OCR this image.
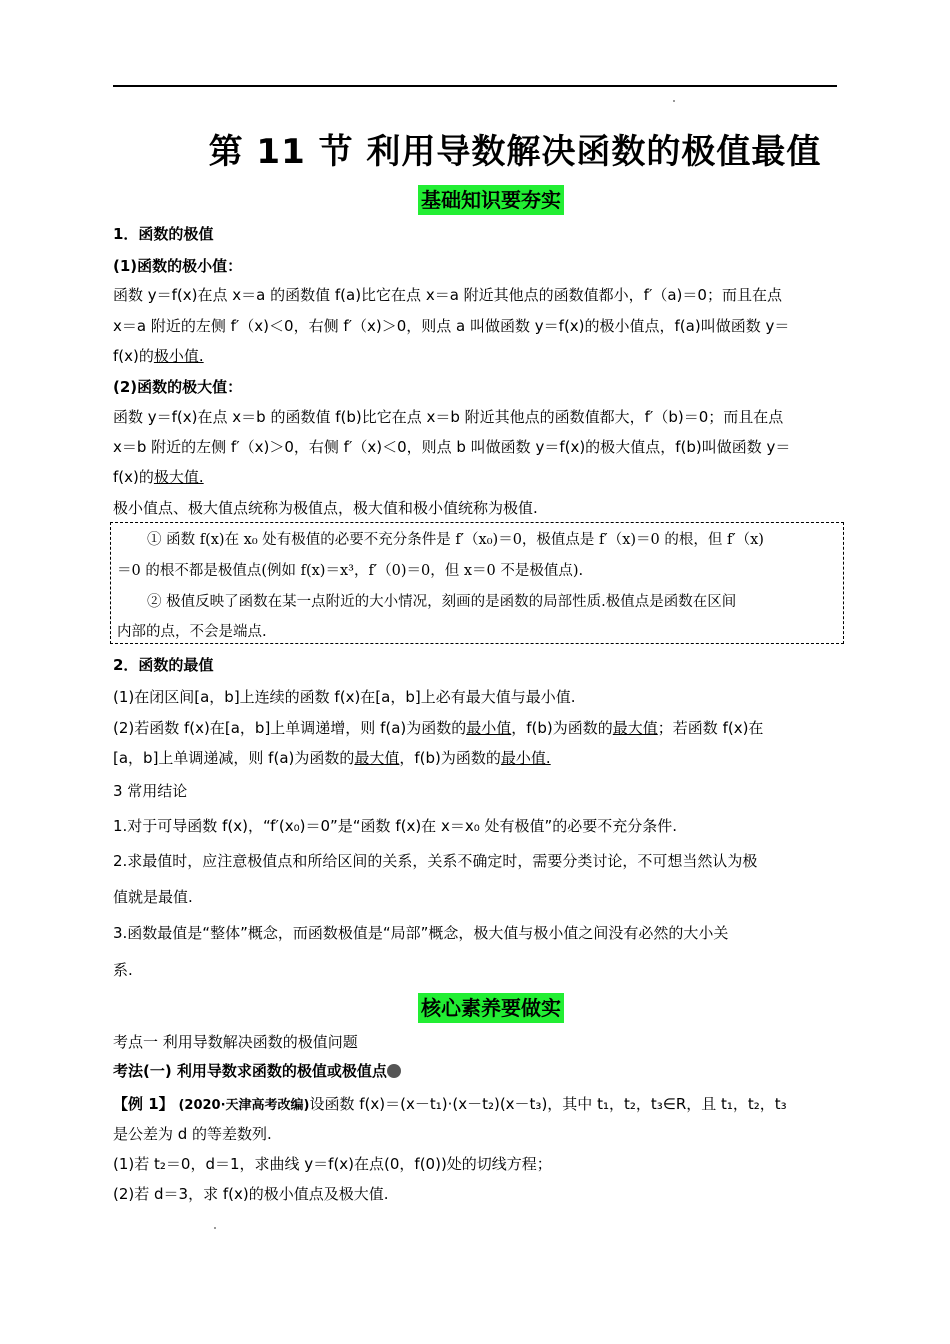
第 11 节 利用导数解决函数的极值最值
基础知识要夯实
1．函数的极值
(1)函数的极小值：
函数 y＝f(x)在点 x＝a 的函数值 f(a)比它在点 x＝a 附近其他点的函数值都小，f′（a)＝0；而且在点
x＝a 附近的左侧 f′（x)＜0，右侧 f′（x)＞0，则点 a 叫做函数 y＝f(x)的极小值点，f(a)叫做函数 y＝
f(x)的极小值.
(2)函数的极大值：
函数 y＝f(x)在点 x＝b 的函数值 f(b)比它在点 x＝b 附近其他点的函数值都大，f′（b)＝0；而且在点
x＝b 附近的左侧 f′（x)＞0，右侧 f′（x)＜0，则点 b 叫做函数 y＝f(x)的极大值点，f(b)叫做函数 y＝
f(x)的极大值.
极小值点、极大值点统称为极值点，极大值和极小值统称为极值.
① 函数 f(x)在 x₀ 处有极值的必要不充分条件是 f′（x₀)＝0，极值点是 f′（x)＝0 的根，但 f′（x)
＝0 的根不都是极值点(例如 f(x)＝x³，f′（0)＝0，但 x＝0 不是极值点).
② 极值反映了函数在某一点附近的大小情况，刻画的是函数的局部性质.极值点是函数在区间
内部的点，不会是端点.
2．函数的最值
(1)在闭区间[a，b]上连续的函数 f(x)在[a，b]上必有最大值与最小值.
(2)若函数 f(x)在[a，b]上单调递增，则 f(a)为函数的最小值，f(b)为函数的最大值；若函数 f(x)在
[a，b]上单调递减，则 f(a)为函数的最大值，f(b)为函数的最小值.
3 常用结论
1.对于可导函数 f(x)，“f′(x₀)＝0”是“函数 f(x)在 x＝x₀ 处有极值”的必要不充分条件.
2.求最值时，应注意极值点和所给区间的关系，关系不确定时，需要分类讨论，不可想当然认为极
值就是最值.
3.函数最值是“整体”概念，而函数极值是“局部”概念，极大值与极小值之间没有必然的大小关
系.
核心素养要做实
考点一 利用导数解决函数的极值问题
考法(一) 利用导数求函数的极值或极值点
【例 1】 (2020·天津高考改编)设函数 f(x)＝(x－t₁)·(x－t₂)(x－t₃)，其中 t₁，t₂，t₃∈R，且 t₁，t₂，t₃
是公差为 d 的等差数列.
(1)若 t₂＝0，d＝1，求曲线 y＝f(x)在点(0，f(0))处的切线方程；
(2)若 d＝3，求 f(x)的极小值点及极大值.
